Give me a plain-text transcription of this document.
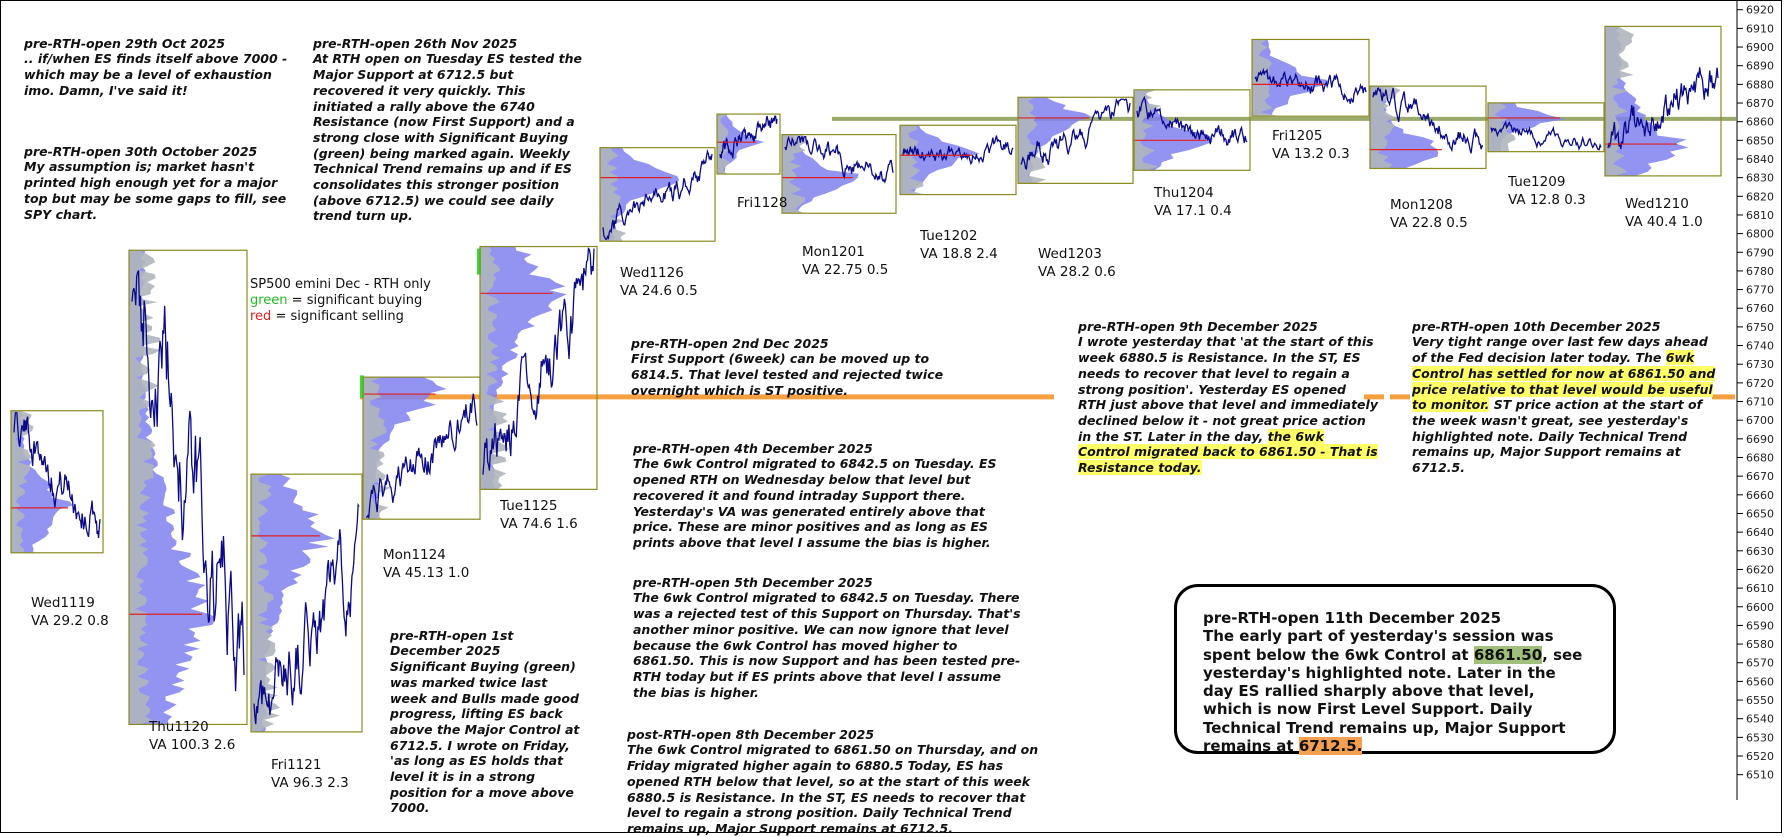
6510
6520
6530
6540
6550
6560
6570
6580
6590
6600
6610
6620
6630
6640
6650
6660
6670
6680
6690
6700
6710
6720
6730
6740
6750
6760
6770
6780
6790
6800
6810
6820
6830
6840
6850
6860
6870
6880
6890
6900
6910
6920

pre-RTH-open 29th Oct 2025
.. if/when ES finds itself above 7000 - which may be a level of exhaustion imo. Damn, I've said it!

pre-RTH-open 30th October 2025
My assumption is; market hasn't printed high enough yet for a major top but may be some gaps to fill, see SPY chart.

pre-RTH-open 26th Nov 2025
At RTH open on Tuesday ES tested the Major Support at 6712.5 but recovered it very quickly. This initiated a rally above the 6740 Resistance (now First Support) and a strong close with Significant Buying (green) being marked again. Weekly Technical Trend remains up and if ES consolidates this stronger position (above 6712.5) we could see daily trend turn up.

pre-RTH-open 1st December 2025
Significant Buying (green) was marked twice last week and Bulls made good progress, lifting ES back above the Major Control at 6712.5. I wrote on Friday, 'as long as ES holds that level it is in a strong position for a move above 7000.

pre-RTH-open 2nd Dec 2025
First Support (6week) can be moved up to 6814.5. That level tested and rejected twice overnight which is ST positive.

pre-RTH-open 4th December 2025
The 6wk Control migrated to 6842.5 on Tuesday. ES opened RTH on Wednesday below that level but recovered it and found intraday Support there. Yesterday's VA was generated entirely above that price. These are minor positives and as long as ES prints above that level I assume the bias is higher.

pre-RTH-open 5th December 2025
The 6wk Control migrated to 6842.5 on Tuesday. There was a rejected test of this Support on Thursday. That's another minor positive. We can now ignore that level because the 6wk Control has moved higher to 6861.50. This is now Support and has been tested pre-RTH today but if ES prints above that level I assume the bias is higher.

post-RTH-open 8th December 2025
The 6wk Control migrated to 6861.50 on Thursday, and on Friday migrated higher again to 6880.5 Today, ES has opened RTH below that level, so at the start of this week 6880.5 is Resistance. In the ST, ES needs to recover that level to regain a strong position. Daily Technical Trend remains up, Major Support remains at 6712.5.

pre-RTH-open 9th December 2025
I wrote yesterday that 'at the start of this week 6880.5 is Resistance. In the ST, ES needs to recover that level to regain a strong position'. Yesterday ES opened RTH just above that level and immediately declined below it - not great price action in the ST. Later in the day, the 6wk Control migrated back to 6861.50 - That is Resistance today.

pre-RTH-open 10th December 2025
Very tight range over last few days ahead of the Fed decision later today. The 6wk Control has settled for now at 6861.50 and price relative to that level would be useful to monitor. ST price action at the start of the week wasn't great, see yesterday's highlighted note. Daily Technical Trend remains up, Major Support remains at 6712.5.

pre-RTH-open 11th December 2025
The early part of yesterday's session was spent below the 6wk Control at 6861.50, see yesterday's highlighted note. Later in the day ES rallied sharply above that level, which is now First Level Support. Daily Technical Trend remains up, Major Support remains at 6712.5.
SP500 emini Dec - RTH only
green = significant buying
red = significant selling
Wed1119
VA 29.2 0.8
Thu1120
VA 100.3 2.6
Fri1121
VA 96.3 2.3
Mon1124
VA 45.13 1.0
Tue1125
VA 74.6 1.6
Wed1126
VA 24.6 0.5
Fri1128
Mon1201
VA 22.75 0.5
Tue1202
VA 18.8 2.4	Wed1203
VA 28.2 0.6
Thu1204
VA 17.1 0.4
Fri1205
VA 13.2 0.3
Mon1208
VA 22.8 0.5
Tue1209
VA 12.8 0.3	Wed1210
VA 40.4 1.0
